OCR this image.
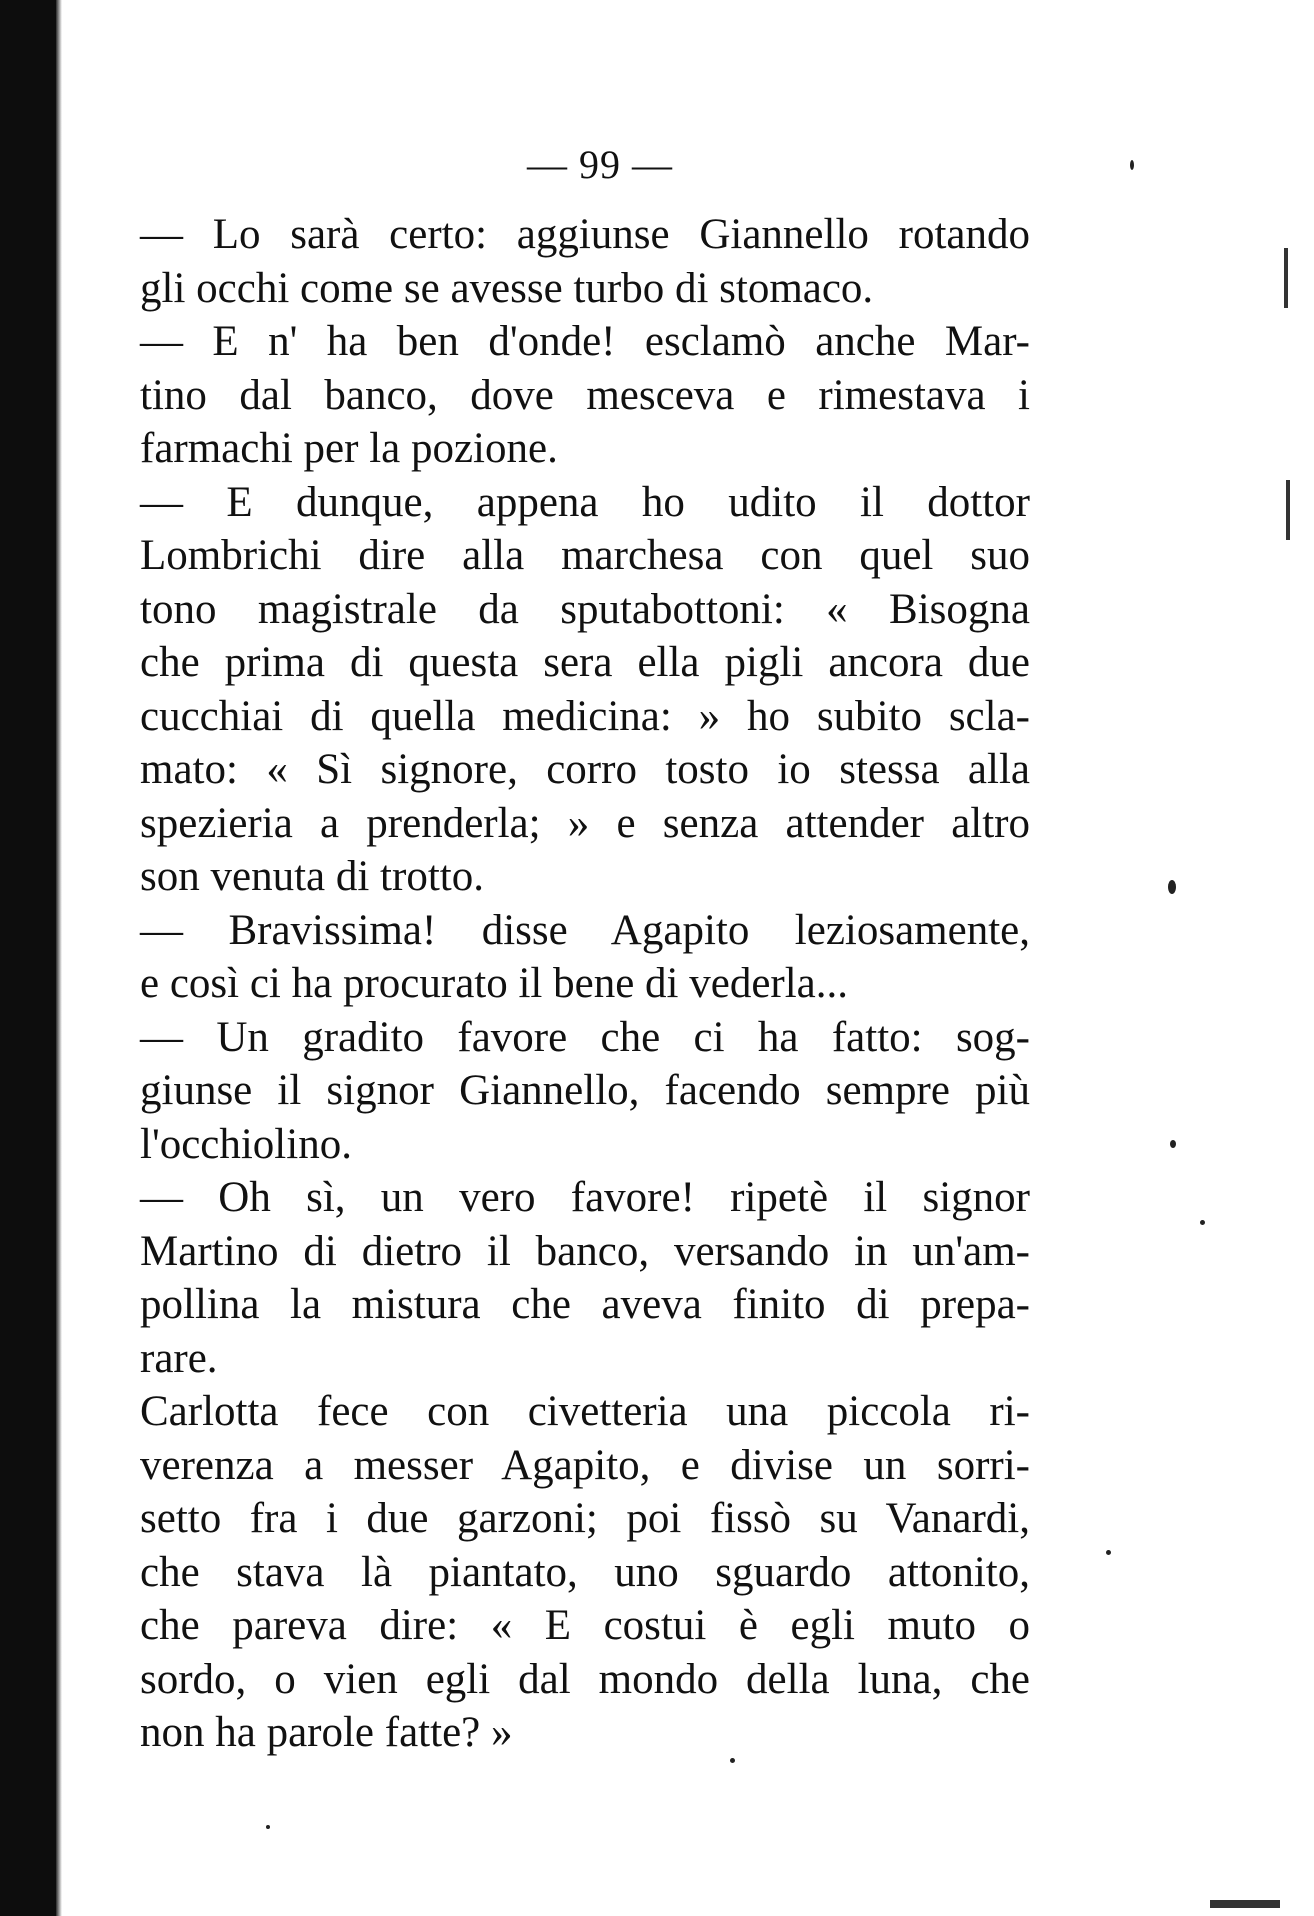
— 99 —
— Lo sarà certo: aggiunse Giannello rotando
gli occhi come se avesse turbo di stomaco.
— E n' ha ben d'onde! esclamò anche Mar-
tino dal banco, dove mesceva e rimestava i
farmachi per la pozione.
— E dunque, appena ho udito il dottor
Lombrichi dire alla marchesa con quel suo
tono magistrale da sputabottoni: « Bisogna
che prima di questa sera ella pigli ancora due
cucchiai di quella medicina: » ho subito scla-
mato: « Sì signore, corro tosto io stessa alla
spezieria a prenderla; » e senza attender altro
son venuta di trotto.
— Bravissima! disse Agapito leziosamente,
e così ci ha procurato il bene di vederla...
— Un gradito favore che ci ha fatto: sog-
giunse il signor Giannello, facendo sempre più
l'occhiolino.
— Oh sì, un vero favore! ripetè il signor
Martino di dietro il banco, versando in un'am-
pollina la mistura che aveva finito di prepa-
rare.
Carlotta fece con civetteria una piccola ri-
verenza a messer Agapito, e divise un sorri-
setto fra i due garzoni; poi fissò su Vanardi,
che stava là piantato, uno sguardo attonito,
che pareva dire: « E costui è egli muto o
sordo, o vien egli dal mondo della luna, che
non ha parole fatte? »
